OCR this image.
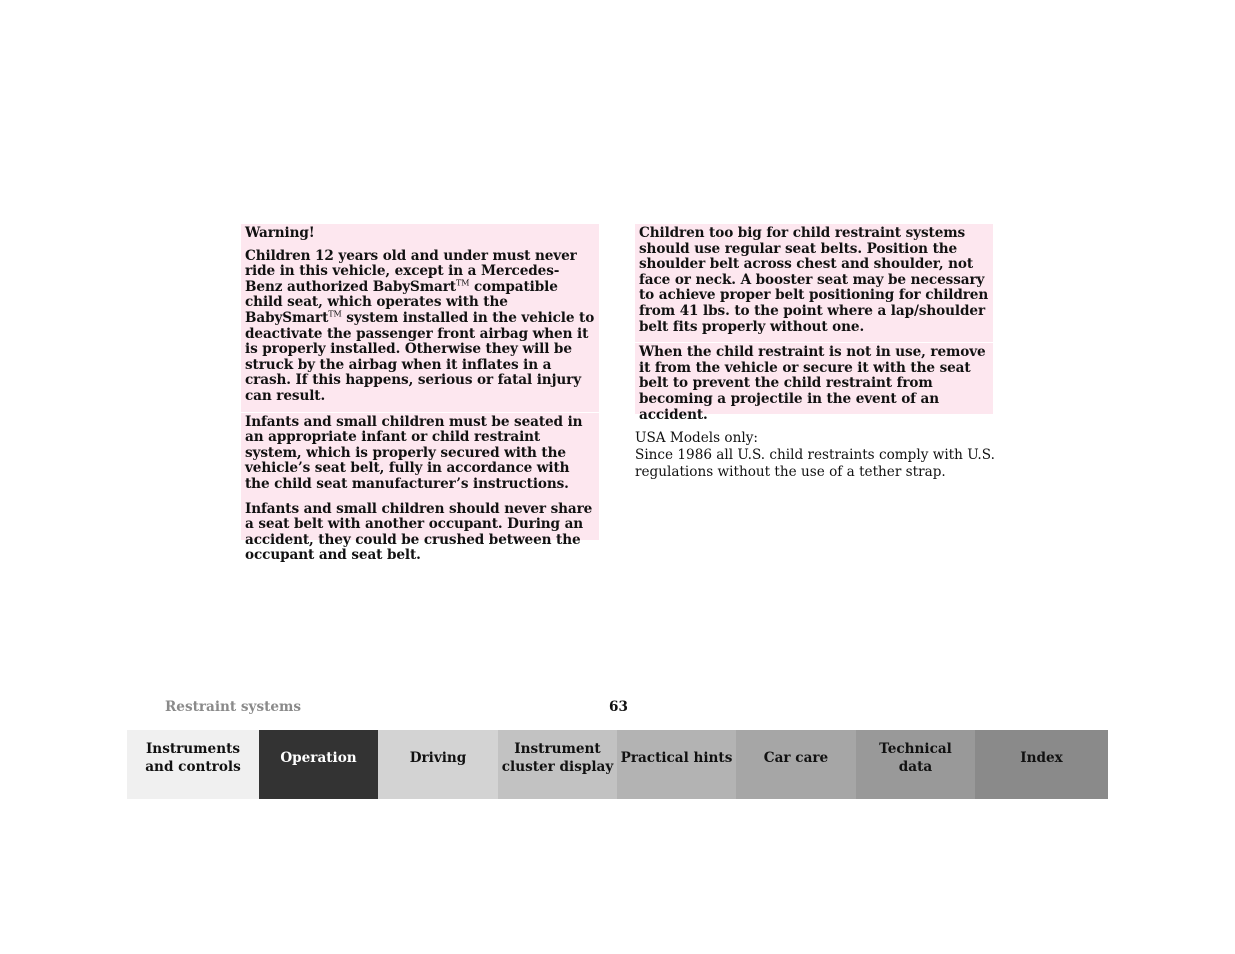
Warning!

Children 12 years old and under must never ride in this vehicle, except in a Mercedes-Benz authorized BabySmart™ compatible child seat, which operates with the BabySmart™ system installed in the vehicle to deactivate the passenger front airbag when it is properly installed. Otherwise they will be struck by the airbag when it inflates in a crash. If this happens, serious or fatal injury can result.

Infants and small children must be seated in an appropriate infant or child restraint system, which is properly secured with the vehicle’s seat belt, fully in accordance with the child seat manufacturer’s instructions.

Infants and small children should never share a seat belt with another occupant. During an accident, they could be crushed between the occupant and seat belt.

Children too big for child restraint systems should use regular seat belts. Position the shoulder belt across chest and shoulder, not face or neck. A booster seat may be necessary to achieve proper belt positioning for children from 41 lbs. to the point where a lap/shoulder belt fits properly without one.

When the child restraint is not in use, remove it from the vehicle or secure it with the seat belt to prevent the child restraint from becoming a projectile in the event of an accident.

USA Models only:

Since 1986 all U.S. child restraints comply with U.S. regulations without the use of a tether strap.

Restraint systems	63
Instruments
and controls
Operation	Driving
Instrument
cluster display
Practical hints Car care
Technical
data
Index
